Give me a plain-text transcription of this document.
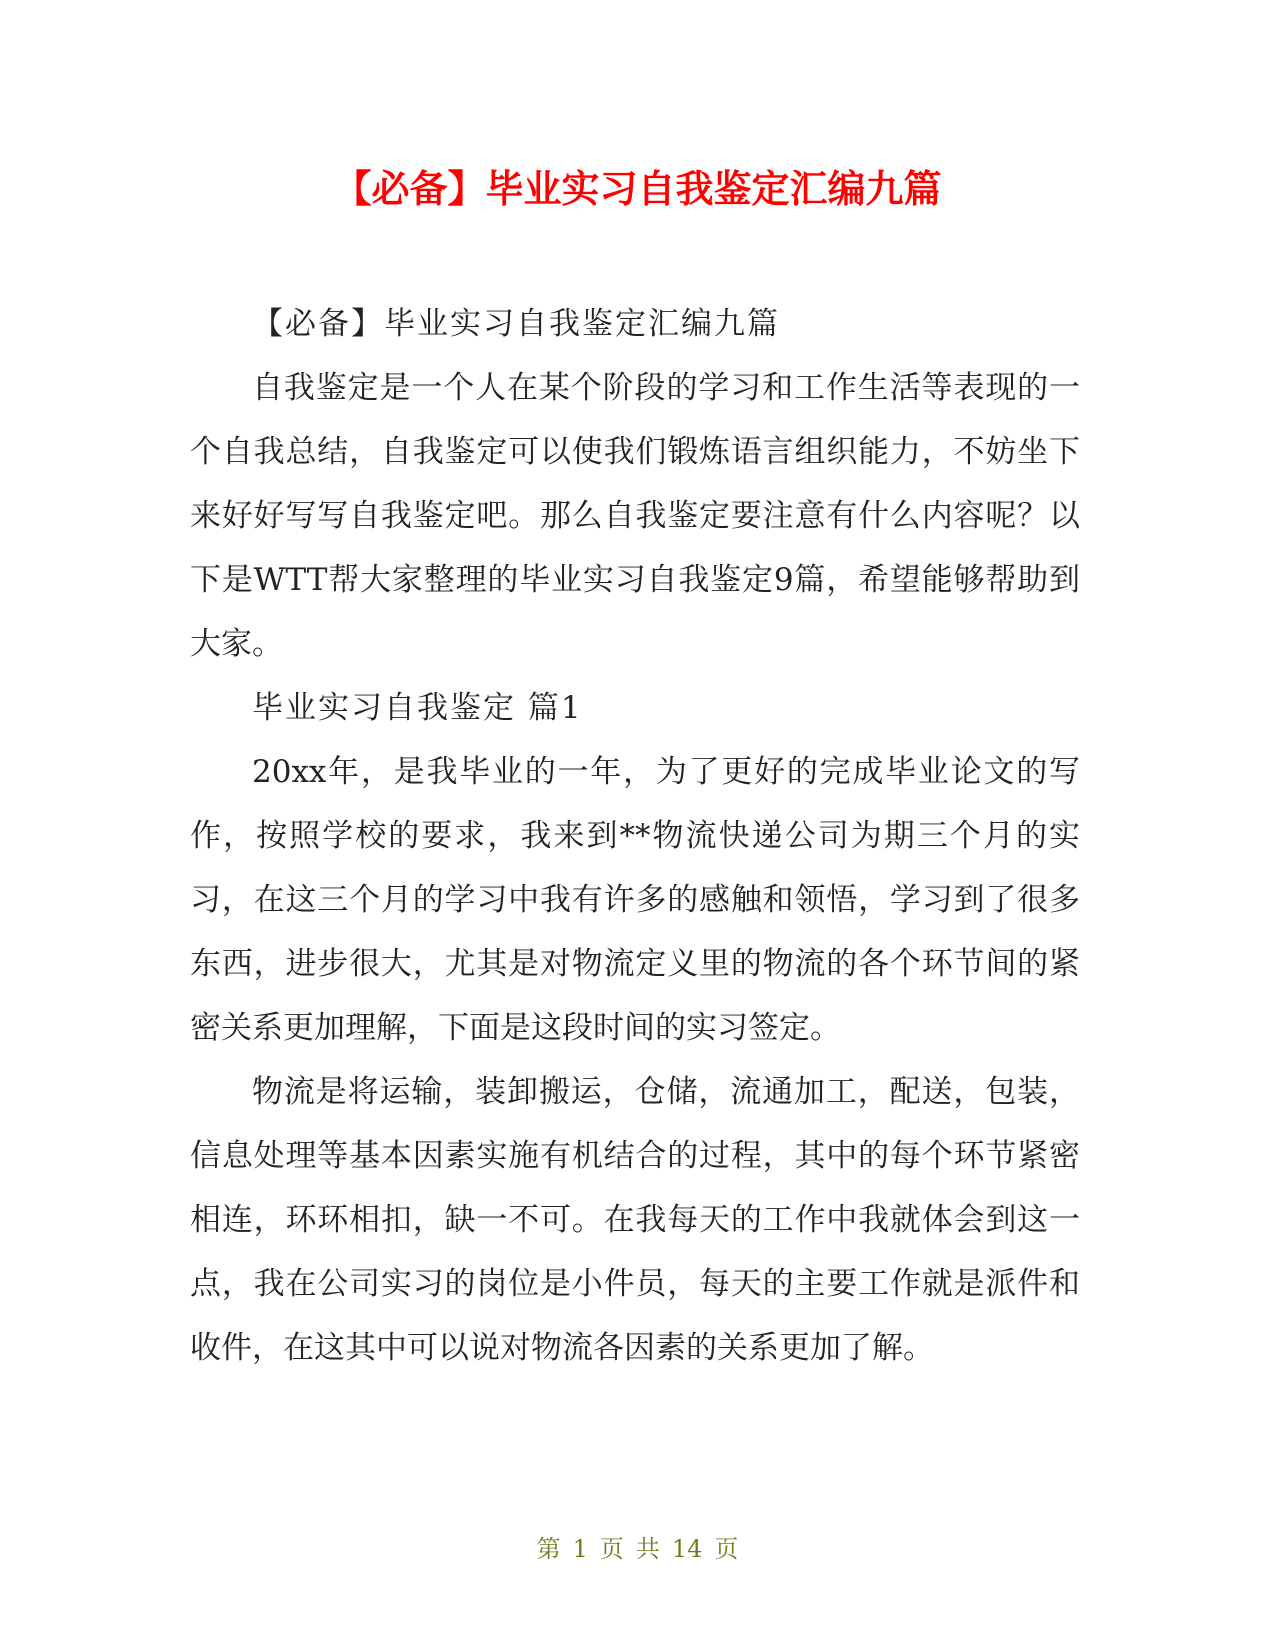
【必备】毕业实习自我鉴定汇编九篇

【必备】毕业实习自我鉴定汇编九篇

自我鉴定是一个人在某个阶段的学习和工作生活等表现的一个自我总结，自我鉴定可以使我们锻炼语言组织能力，不妨坐下来好好写写自我鉴定吧。那么自我鉴定要注意有什么内容呢？以下是WTT帮大家整理的毕业实习自我鉴定9篇，希望能够帮助到大家。

毕业实习自我鉴定 篇1

20xx年，是我毕业的一年，为了更好的完成毕业论文的写作，按照学校的要求，我来到**物流快递公司为期三个月的实习，在这三个月的学习中我有许多的感触和领悟，学习到了很多东西，进步很大，尤其是对物流定义里的物流的各个环节间的紧密关系更加理解，下面是这段时间的实习签定。

物流是将运输，装卸搬运，仓储，流通加工，配送，包装，信息处理等基本因素实施有机结合的过程，其中的每个环节紧密相连，环环相扣，缺一不可。在我每天的工作中我就体会到这一点，我在公司实习的岗位是小件员，每天的主要工作就是派件和收件，在这其中可以说对物流各因素的关系更加了解。

第 1 页 共 14 页
